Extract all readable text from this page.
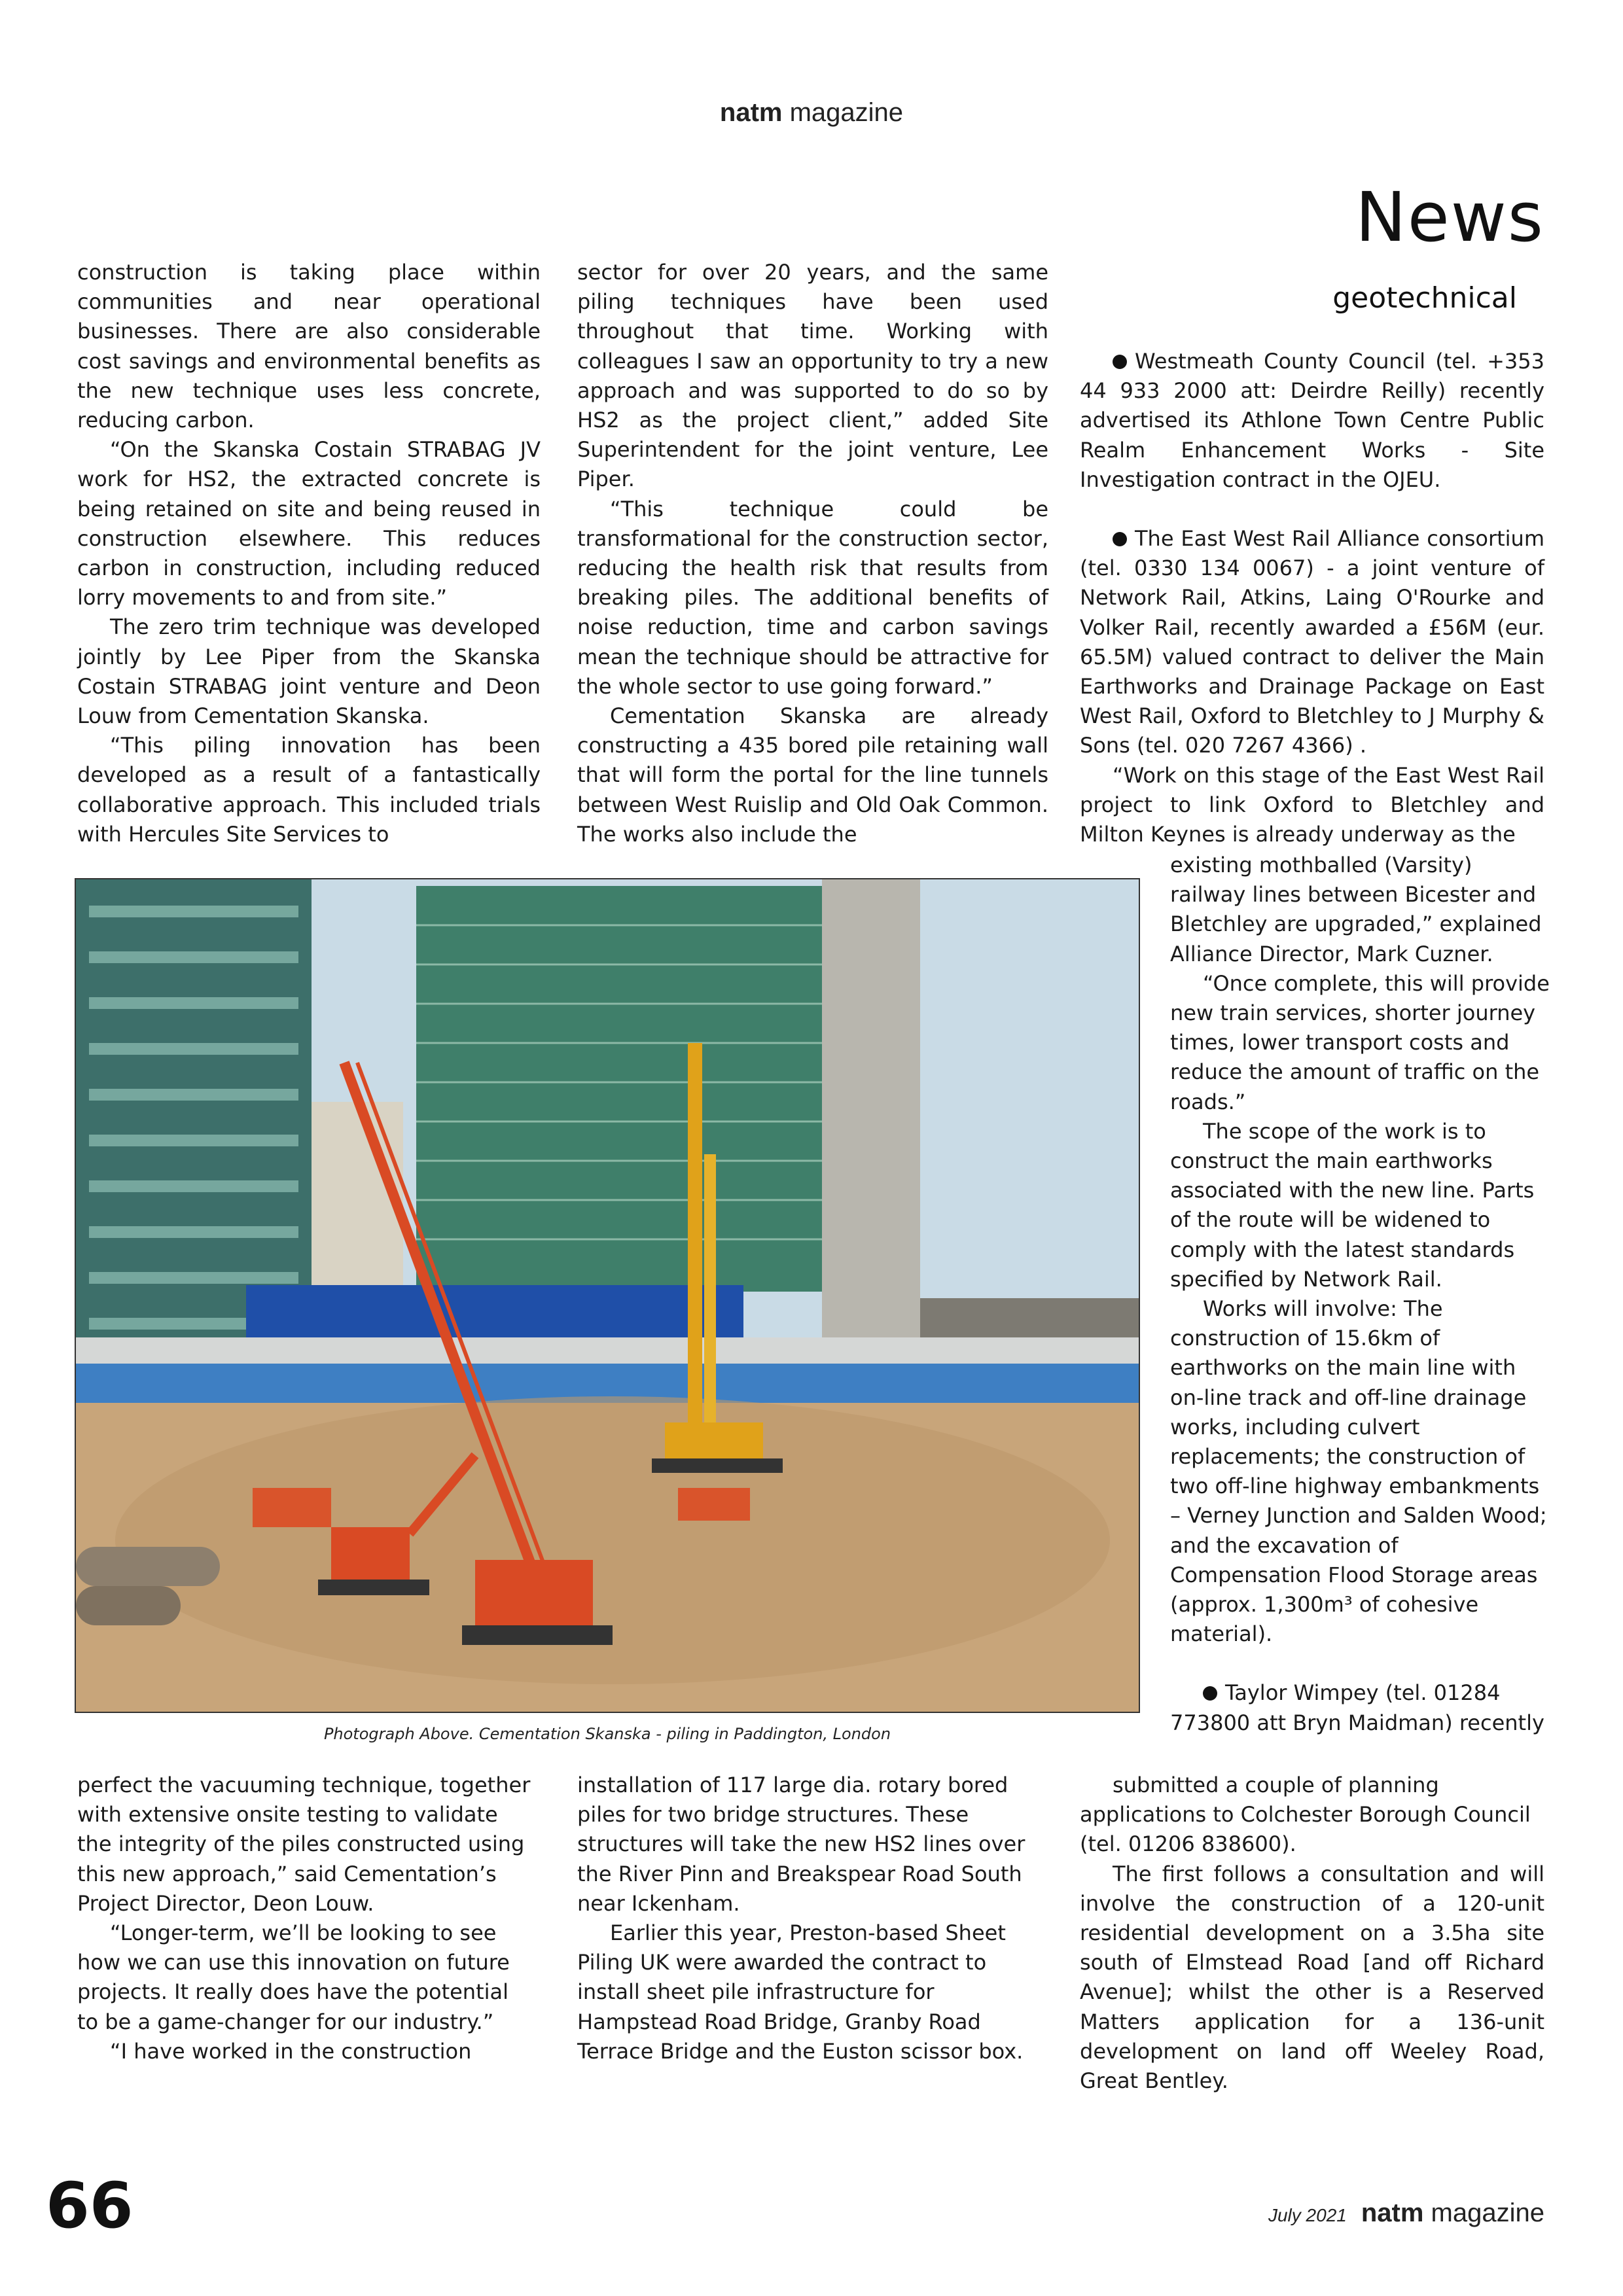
natm magazine
News
geotechnical

construction is taking place within communities and near operational businesses. There are also considerable cost savings and environmental benefits as the new technique uses less concrete, reducing carbon.

“On the Skanska Costain STRABAG JV work for HS2, the extracted concrete is being retained on site and being reused in construction elsewhere. This reduces carbon in construction, including reduced lorry movements to and from site.”

The zero trim technique was developed jointly by Lee Piper from the Skanska Costain STRABAG joint venture and Deon Louw from Cementation Skanska.

“This piling innovation has been developed as a result of a fantastically collaborative approach. This included trials with Hercules Site Services to

sector for over 20 years, and the same piling techniques have been used throughout that time. Working with colleagues I saw an opportunity to try a new approach and was supported to do so by HS2 as the project client,” added Site Superintendent for the joint venture, Lee Piper.

“This technique could be transformational for the construction sector, reducing the health risk that results from breaking piles. The additional benefits of noise reduction, time and carbon savings mean the technique should be attractive for the whole sector to use going forward.”

Cementation Skanska are already constructing a 435 bored pile retaining wall that will form the portal for the line tunnels between West Ruislip and Old Oak Common. The works also include the

Westmeath County Council (tel. +353 44 933 2000 att: Deirdre Reilly) recently advertised its Athlone Town Centre Public Realm Enhancement Works - Site Investigation contract in the OJEU.

The East West Rail Alliance consortium (tel. 0330 134 0067) - a joint venture of Network Rail, Atkins, Laing O'Rourke and Volker Rail, recently awarded a £56M (eur. 65.5M) valued contract to deliver the Main Earthworks and Drainage Package on East West Rail, Oxford to Bletchley to J Murphy & Sons (tel. 020 7267 4366) .

“Work on this stage of the East West Rail project to link Oxford to Bletchley and Milton Keynes is already underway as the

existing mothballed (Varsity) railway lines between Bicester and Bletchley are upgraded,” explained Alliance Director, Mark Cuzner.

“Once complete, this will provide new train services, shorter journey times, lower transport costs and reduce the amount of traffic on the roads.”

The scope of the work is to construct the main earthworks associated with the new line. Parts of the route will be widened to comply with the latest standards specified by Network Rail.

Works will involve: The construction of 15.6km of earthworks on the main line with on-line track and off-line drainage works, including culvert replacements; the construction of two off-line highway embankments – Verney Junction and Salden Wood; and the excavation of Compensation Flood Storage areas (approx. 1,300m³ of cohesive material).

Taylor Wimpey (tel. 01284 773800 att Bryn Maidman) recently

submitted a couple of planning applications to Colchester Borough Council (tel. 01206 838600).

The first follows a consultation and will involve the construction of a 120-unit residential development on a 3.5ha site south of Elmstead Road [and off Richard Avenue]; whilst the other is a Reserved Matters application for a 136-unit development on land off Weeley Road, Great Bentley.

Photograph Above. Cementation Skanska - piling in Paddington, London

perfect the vacuuming technique, together with extensive onsite testing to validate the integrity of the piles constructed using this new approach,” said Cementation’s Project Director, Deon Louw.

“Longer-term, we’ll be looking to see how we can use this innovation on future projects. It really does have the potential to be a game-changer for our industry.”

“I have worked in the construction

installation of 117 large dia. rotary bored piles for two bridge structures. These structures will take the new HS2 lines over the River Pinn and Breakspear Road South near Ickenham.

Earlier this year, Preston-based Sheet Piling UK were awarded the contract to install sheet pile infrastructure for Hampstead Road Bridge, Granby Road Terrace Bridge and the Euston scissor box.

66	July 2021 natm magazine
